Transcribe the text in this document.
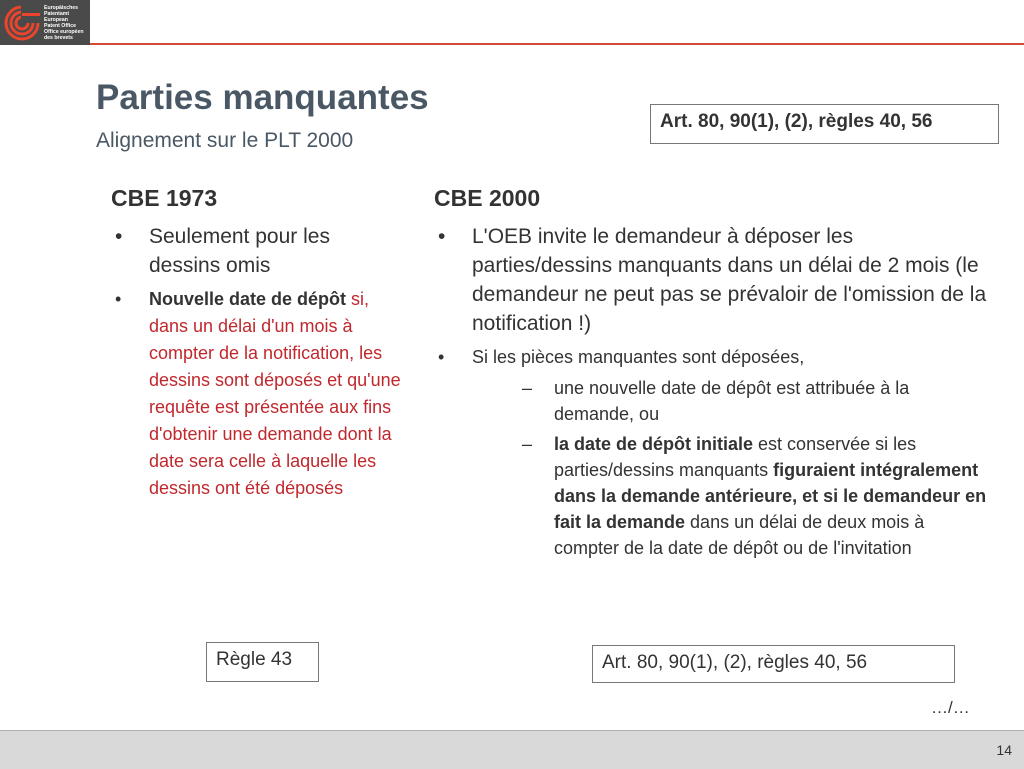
Europäisches
Patentamt
European
Patent Office
Office européen
des brevets
Parties manquantes

Alignement sur le PLT 2000

Art. 80, 90(1), (2), règles 40, 56
CBE 1973
• Seulement pour les dessins omis
• Nouvelle date de dépôt si, dans un délai d'un mois à compter de la notification, les dessins sont déposés et qu'une requête est présentée aux fins d'obtenir une demande dont la date sera celle à laquelle les dessins ont été déposés
CBE 2000
• L'OEB invite le demandeur à déposer les parties/dessins manquants dans un délai de 2 mois (le demandeur ne peut pas se prévaloir de l'omission de la notification !)
• Si les pièces manquantes sont déposées,
– une nouvelle date de dépôt est attribuée à la demande, ou
– la date de dépôt initiale est conservée si les parties/dessins manquants figuraient intégralement dans la demande antérieure, et si le demandeur en fait la demande dans un délai de deux mois à compter de la date de dépôt ou de l'invitation
Règle 43	Art. 80, 90(1), (2), règles 40, 56
…/…
14
